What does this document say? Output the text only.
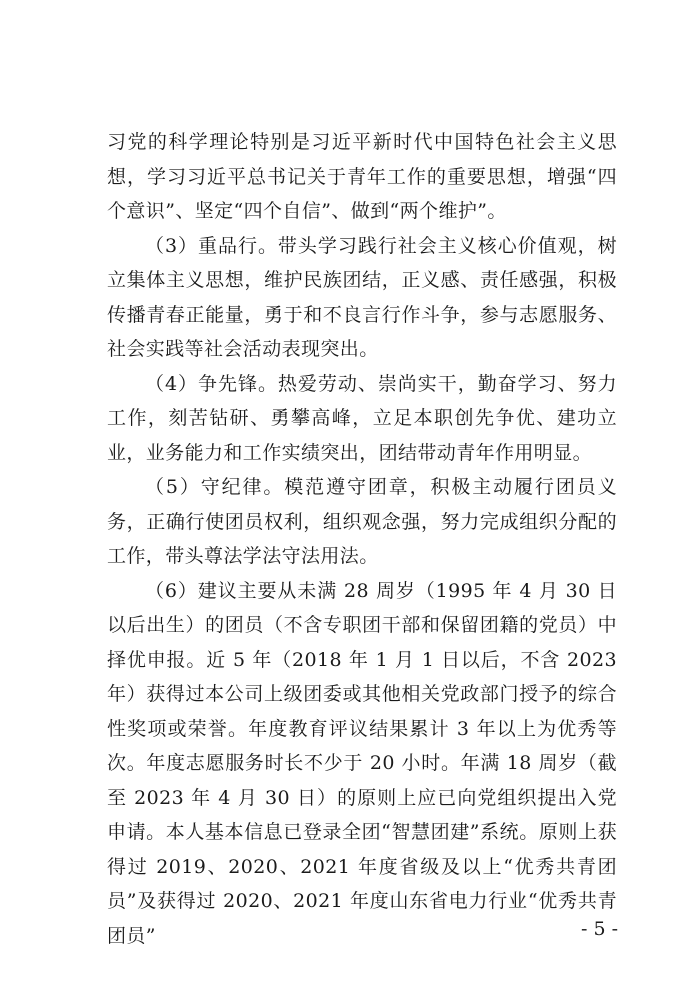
习党的科学理论特别是习近平新时代中国特色社会主义思想，学习习近平总书记关于青年工作的重要思想，增强“四个意识”、坚定“四个自信”、做到“两个维护”。

（3）重品行。带头学习践行社会主义核心价值观，树立集体主义思想，维护民族团结，正义感、责任感强，积极传播青春正能量，勇于和不良言行作斗争，参与志愿服务、社会实践等社会活动表现突出。

（4）争先锋。热爱劳动、崇尚实干，勤奋学习、努力工作，刻苦钻研、勇攀高峰，立足本职创先争优、建功立业，业务能力和工作实绩突出，团结带动青年作用明显。

（5）守纪律。模范遵守团章，积极主动履行团员义务，正确行使团员权利，组织观念强，努力完成组织分配的工作，带头尊法学法守法用法。

（6）建议主要从未满 28 周岁（1995 年 4 月 30 日以后出生）的团员（不含专职团干部和保留团籍的党员）中择优申报。近 5 年（2018 年 1 月 1 日以后，不含 2023 年）获得过本公司上级团委或其他相关党政部门授予的综合性奖项或荣誉。年度教育评议结果累计 3 年以上为优秀等次。年度志愿服务时长不少于 20 小时。年满 18 周岁（截至 2023 年 4 月 30 日）的原则上应已向党组织提出入党申请。本人基本信息已登录全团“智慧团建”系统。原则上获得过 2019、2020、2021 年度省级及以上“优秀共青团员”及获得过 2020、2021 年度山东省电力行业“优秀共青团员”	- 5 -
